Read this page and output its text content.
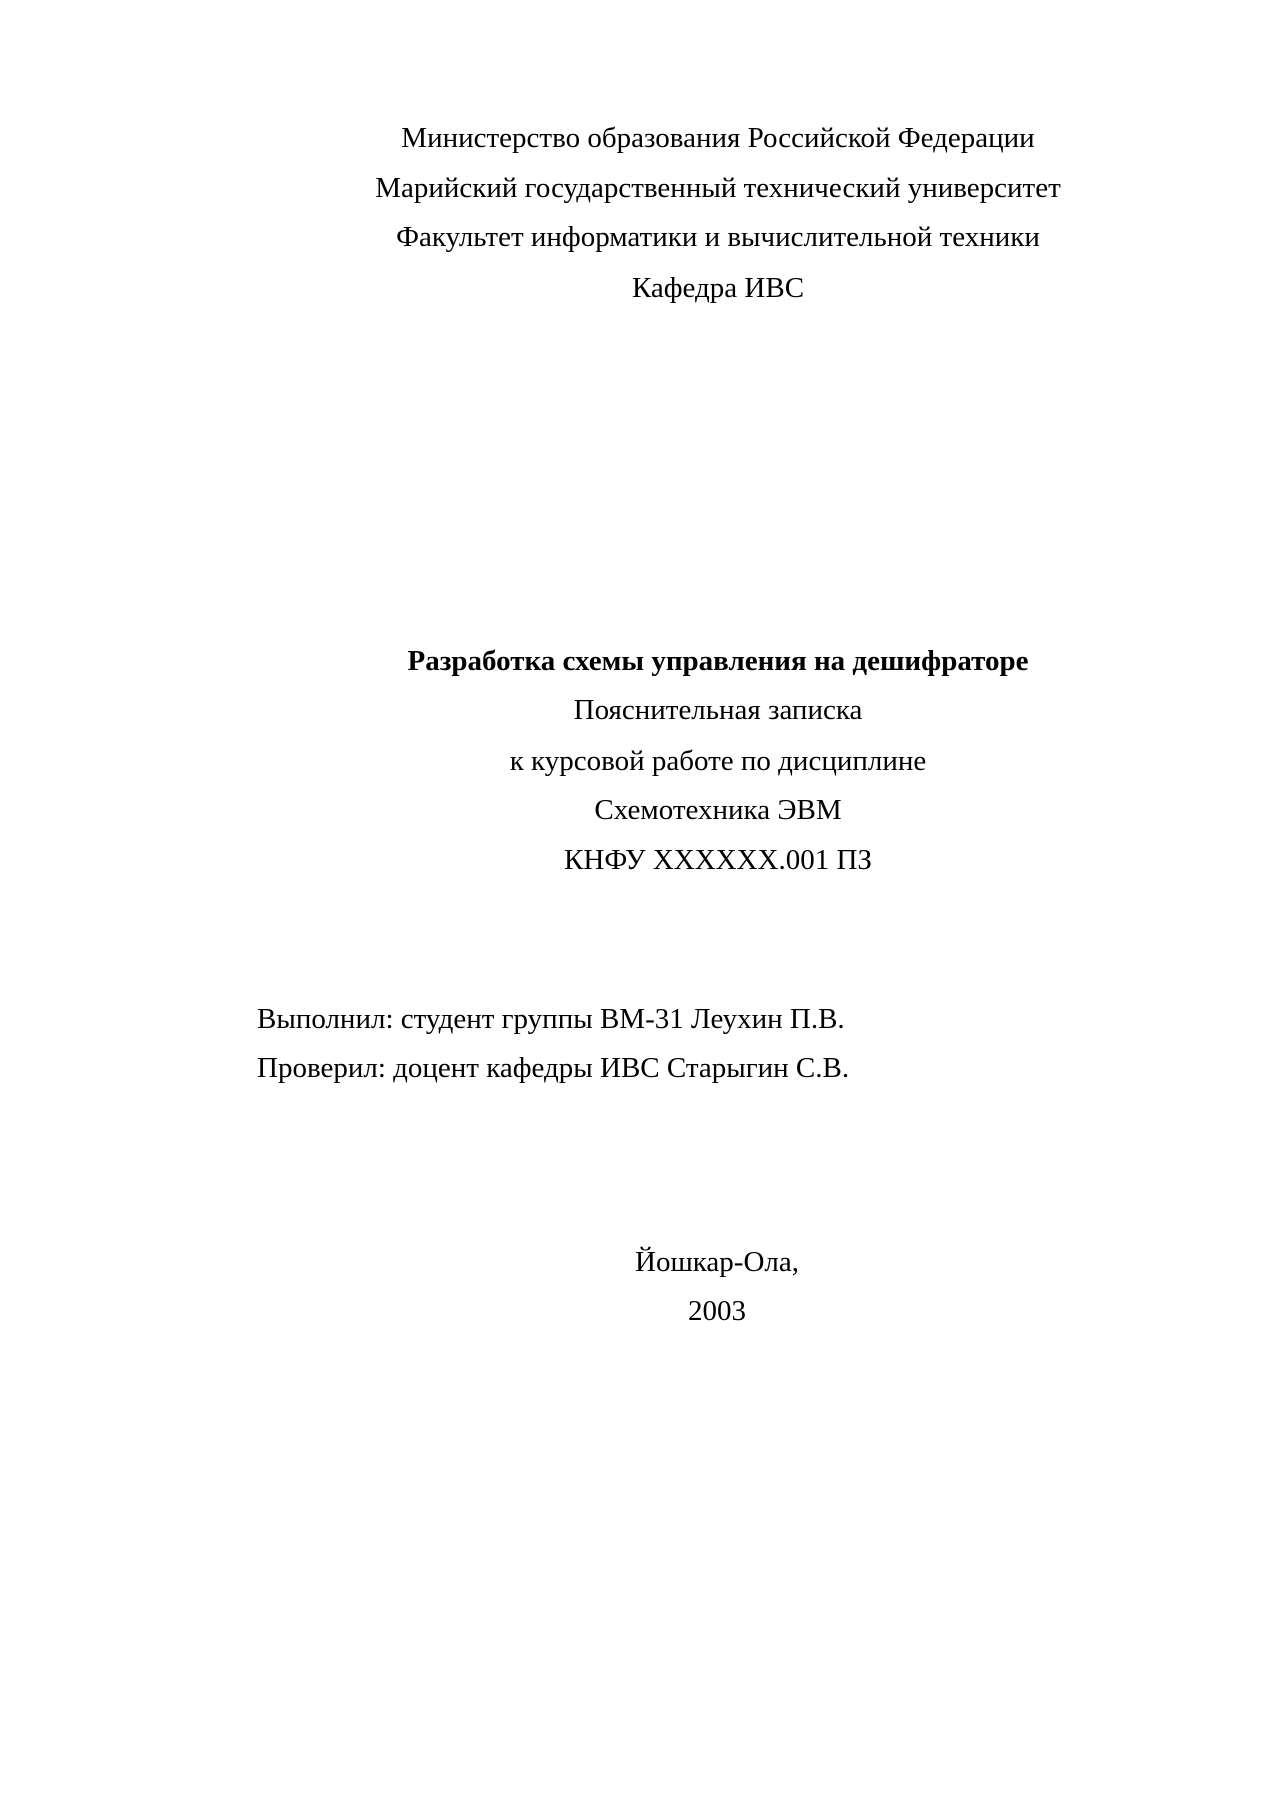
Министерство образования Российской Федерации
Марийский государственный технический университет
Факультет информатики и вычислительной техники
Кафедра ИВС
Разработка схемы управления на дешифраторе
Пояснительная записка
к курсовой работе по дисциплине
Схемотехника ЭВМ
КНФУ ХХХХХХ.001 ПЗ
Выполнил: студент группы ВМ-31 Леухин П.В.
Проверил: доцент кафедры ИВС Старыгин С.В.
Йошкар-Ола,
2003
